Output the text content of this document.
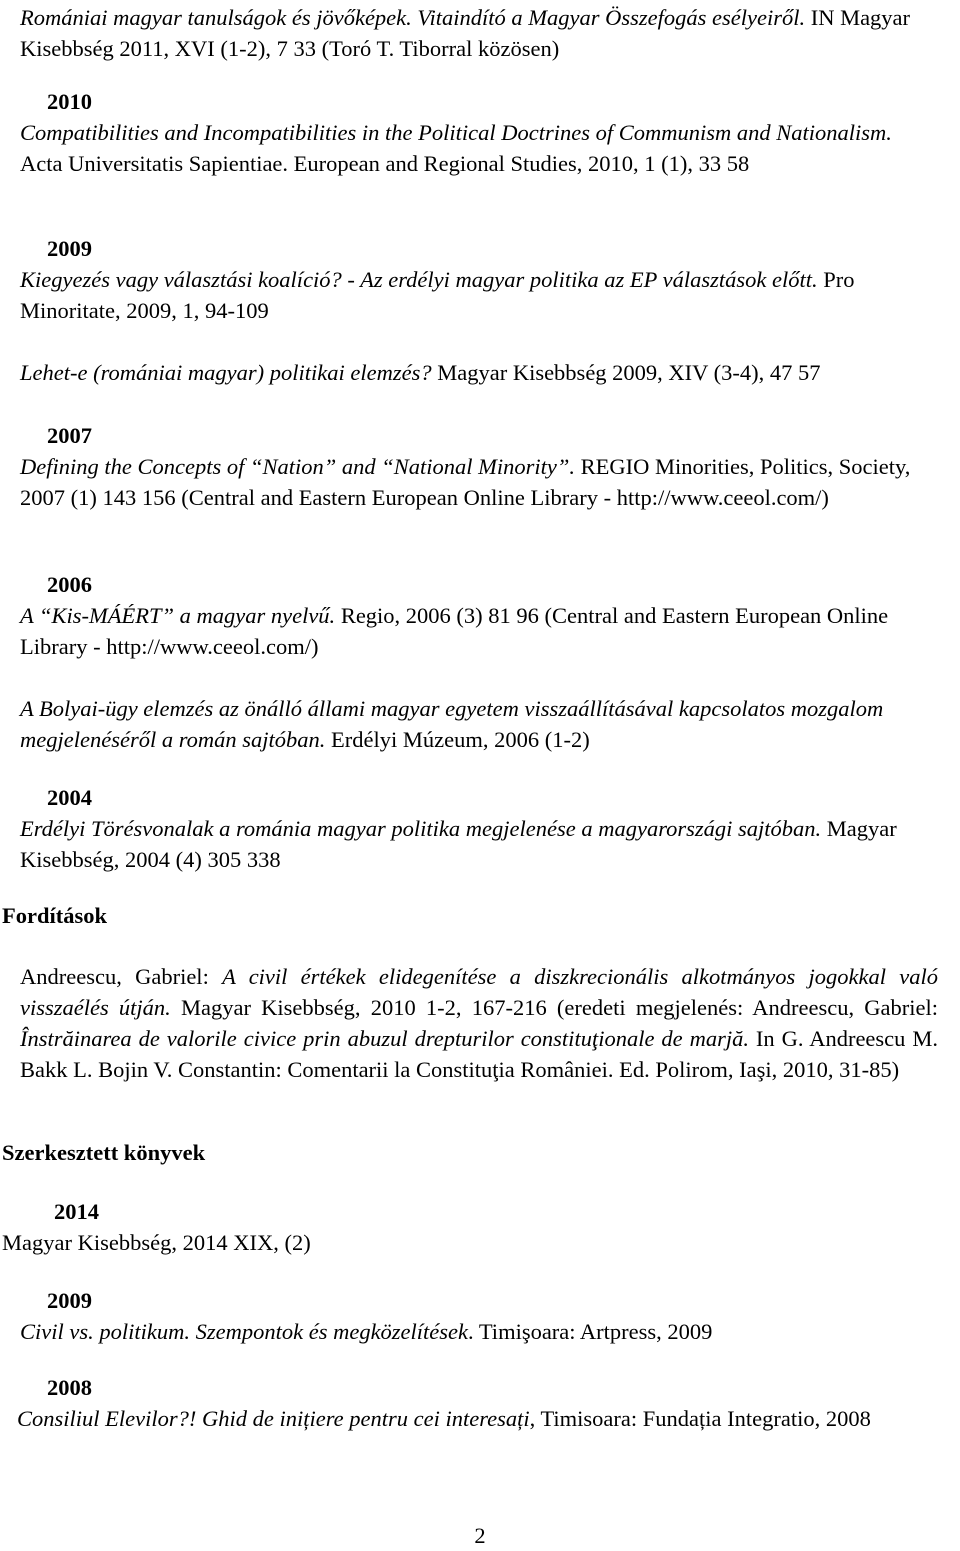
Romániai magyar tanulságok és jövőképek. Vitaindító a Magyar Összefogás esélyeiről. IN Magyar Kisebbség 2011, XVI (1-2), 7 33 (Toró T. Tiborral közösen)
2010
Compatibilities and Incompatibilities in the Political Doctrines of Communism and Nationalism. Acta Universitatis Sapientiae. European and Regional Studies, 2010, 1 (1), 33 58
2009
Kiegyezés vagy választási koalíció? - Az erdélyi magyar politika az EP választások előtt. Pro Minoritate, 2009, 1, 94-109
Lehet-e (romániai magyar) politikai elemzés? Magyar Kisebbség 2009, XIV (3-4), 47 57
2007
Defining the Concepts of “Nation” and “National Minority”. REGIO Minorities, Politics, Society, 2007 (1) 143 156 (Central and Eastern European Online Library - http://www.ceeol.com/)
2006
A “Kis-MÁÉRT” a magyar nyelvű. Regio, 2006 (3) 81 96 (Central and Eastern European Online Library - http://www.ceeol.com/)
A Bolyai-ügy elemzés az önálló állami magyar egyetem visszaállításával kapcsolatos mozgalom megjelenéséről a román sajtóban. Erdélyi Múzeum, 2006 (1-2)
2004
Erdélyi Törésvonalak a románia magyar politika megjelenése a magyarországi sajtóban. Magyar Kisebbség, 2004 (4) 305 338
Fordítások
Andreescu, Gabriel: A civil értékek elidegenítése a diszkrecionális alkotmányos jogokkal való visszaélés útján. Magyar Kisebbség, 2010 1-2, 167-216 (eredeti megjelenés: Andreescu, Gabriel: Înstrăinarea de valorile civice prin abuzul drepturilor constituţionale de marjă. In G. Andreescu M. Bakk L. Bojin V. Constantin: Comentarii la Constituţia României. Ed. Polirom, Iaşi, 2010, 31-85)
Szerkesztett könyvek
2014
Magyar Kisebbség, 2014 XIX, (2)
2009
Civil vs. politikum. Szempontok és megközelítések. Timişoara: Artpress, 2009
2008
Consiliul Elevilor?! Ghid de inițiere pentru cei interesați, Timisoara: Fundația Integratio, 2008
2
